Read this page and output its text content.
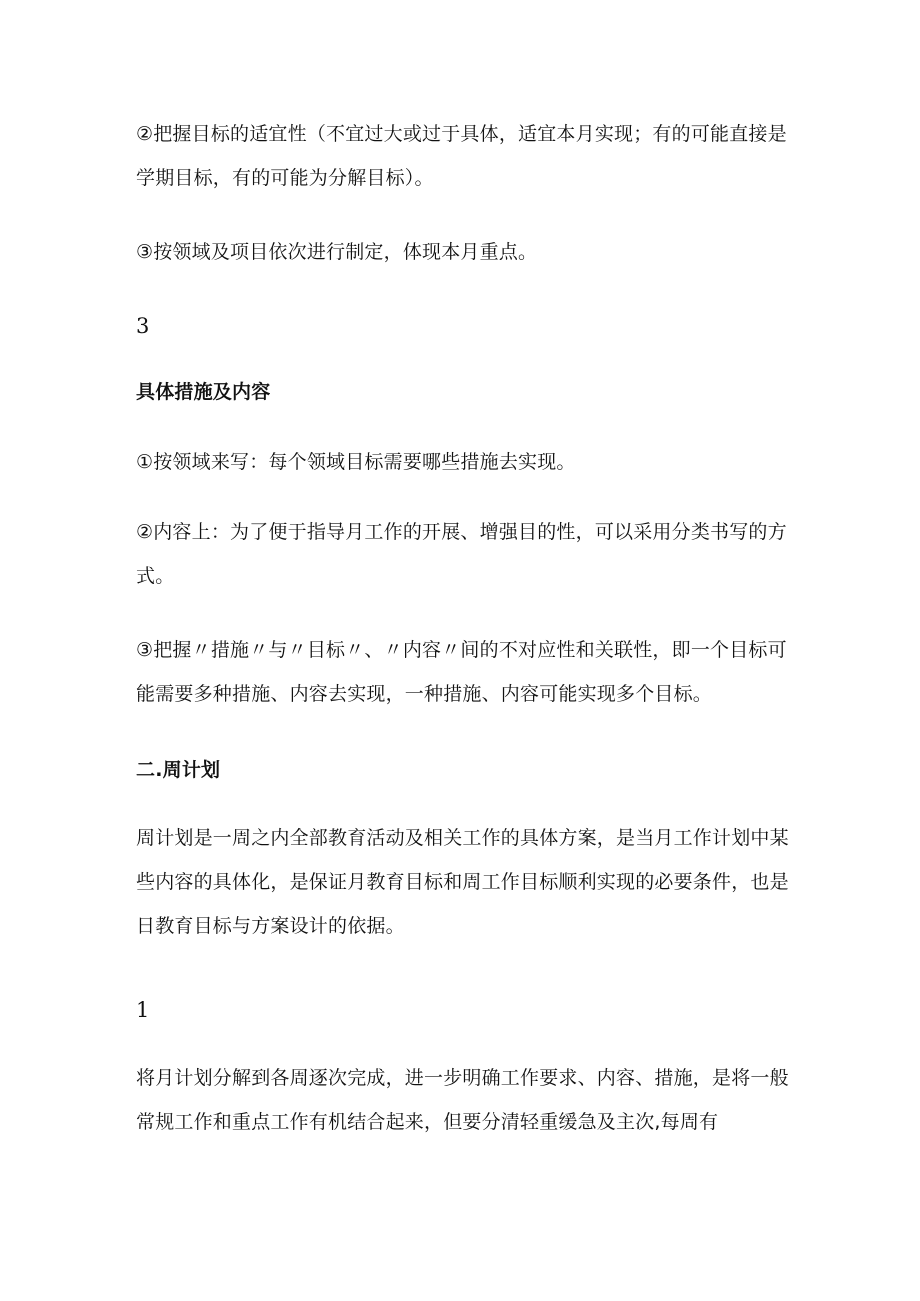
②把握目标的适宜性（不宜过大或过于具体，适宜本月实现；有的可能直接是学期目标，有的可能为分解目标）。

③按领域及项目依次进行制定，体现本月重点。

3

具体措施及内容

①按领域来写：每个领域目标需要哪些措施去实现。

②内容上：为了便于指导月工作的开展、增强目的性，可以采用分类书写的方式。

③把握〃措施〃与〃目标〃、〃内容〃间的不对应性和关联性，即一个目标可能需要多种措施、内容去实现，一种措施、内容可能实现多个目标。

二.周计划

周计划是一周之内全部教育活动及相关工作的具体方案，是当月工作计划中某些内容的具体化，是保证月教育目标和周工作目标顺利实现的必要条件，也是日教育目标与方案设计的依据。

1

将月计划分解到各周逐次完成，进一步明确工作要求、内容、措施，是将一般常规工作和重点工作有机结合起来，但要分清轻重缓急及主次,每周有
